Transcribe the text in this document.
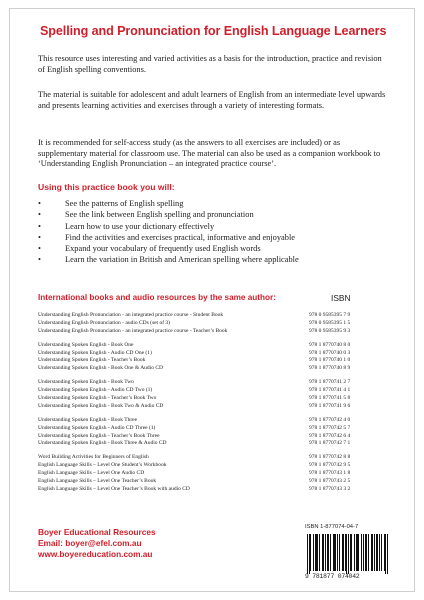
Spelling and Pronunciation for English Language Learners

This resource uses interesting and varied activities as a basis for the introduction, practice and revision of English spelling conventions.

The material is suitable for adolescent and adult learners of English from an intermediate level upwards and presents learning activities and exercises through a variety of interesting formats.

It is recommended for self-access study (as the answers to all exercises are included) or as supplementary material for classroom use. The material can also be used as a companion workbook to ‘Understanding English Pronunciation – an integrated practice course’.

Using this practice book you will:
•	See the patterns of English spelling
•	See the link between English spelling and pronunciation
•	Learn how to use your dictionary effectively
•	Find the activities and exercises practical, informative and enjoyable
•	Expand your vocabulary of frequently used English words
•	Learn the variation in British and American spelling where applicable
International books and audio resources by the same author:	ISBN
Understanding English Pronunciation - an integrated practice course - Student Book	978 0 9585395 7 9
Understanding English Pronunciation - audio CDs (set of 3)	978 0 9585395 1 5
Understanding English Pronunciation - an integrated practice course - Teacher’s Book	978 0 9585395 9 3
Understanding Spoken English - Book One	978 1 8770740 8 0
Understanding Spoken English - Audio CD One (1)	978 1 8770740 0 3
Understanding Spoken English - Teacher’s Book	978 1 8770740 1 0
Understanding Spoken English - Book One & Audio CD	978 1 8770740 8 9
Understanding Spoken English - Book Two	978 1 8770741 2 7
Understanding Spoken English - Audio CD Two (1)	978 1 8770741 4 1
Understanding Spoken English - Teacher’s Book Two	978 1 8770741 5 8
Understanding Spoken English - Book Two & Audio CD	978 1 8770741 9 6
Understanding Spoken English - Book Three	978 1 8770742 4 0
Understanding Spoken English - Audio CD Three (1)	978 1 8770742 5 7
Understanding Spoken English - Teacher’s Book Three	978 1 8770742 6 4
Understanding Spoken English - Book Three & Audio CD	978 1 8770742 7 1
Word Building Activities for Beginners of English	978 1 8770742 8 8
English Language Skills – Level One Student’s Workbook	978 1 8770742 9 5
English Language Skills – Level One Audio CD	978 1 8770743 1 8
English Language Skills – Level One Teacher’s Book	978 1 8770743 2 5
English Language Skills – Level One Teacher’s Book with audio CD	978 1 8770743 3 2
Boyer Educational Resources
Email: boyer@efel.com.au
www.boyereducation.com.au
ISBN 1-877074-04-7
9 781877 074042
